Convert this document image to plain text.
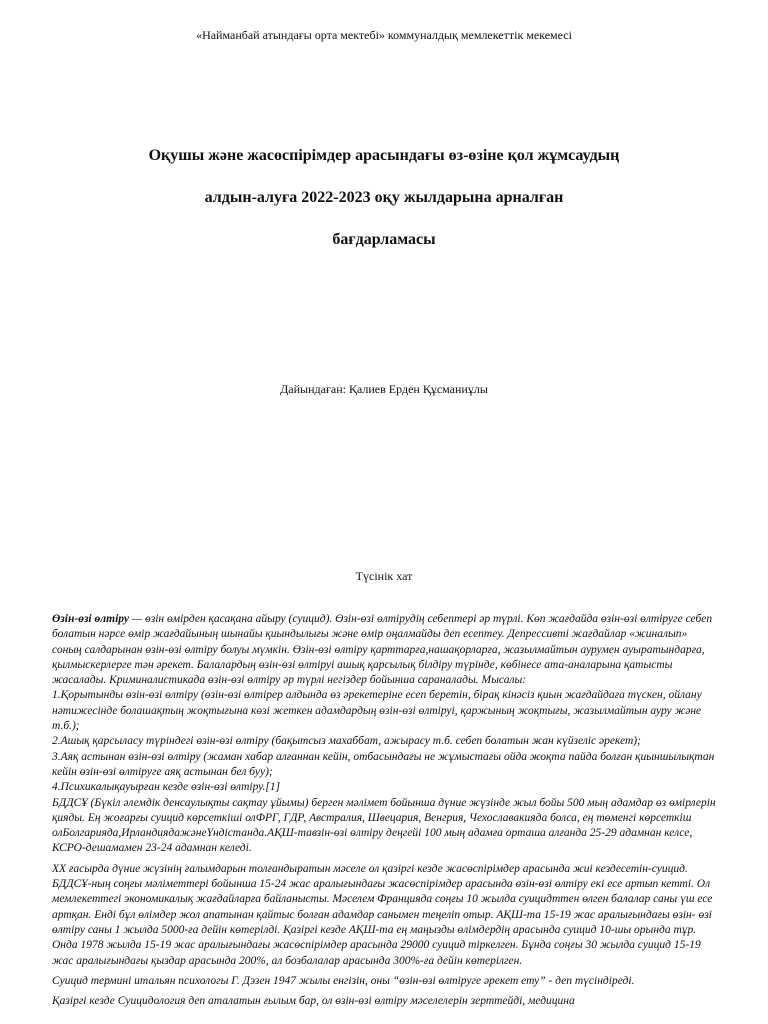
«Найманбай атындағы орта мектебі» коммуналдық мемлекеттік мекемесі
Оқушы және жасөспірімдер арасындағы өз-өзіне қол жұмсаудың
алдын-алуға 2022-2023 оқу жылдарына арналған
бағдарламасы
Дайындаған: Қалиев Ерден Құсманиұлы
Түсінік хат

Өзін-өзі өлтіру — өзін өмірден қасақана айыру (суицид). Өзін-өзі өлтірудің себептері әр түрлі. Көп жағдайда өзін-өзі өлтіруге себеп болатын нәрсе өмір жағдайының шынайы қиындылығы және өмір оңалмайды деп есептеу. Депрессивті жағдайлар «жиналып» соның салдарынан өзін-өзі өлтіру болуы мүмкін. Өзін-өзі өлтіру қарттарға,нашақорларға, жазылмайтын аурумен ауыратындарға, қылмыскерлерге тән әрекет. Балалардың өзін-өзі өлтіруі ашық қарсылық білдіру түрінде, көбінесе ата-аналарына қатысты жасалады. Криминалистикада өзін-өзі өлтіру әр түрлі негіздер бойынша сараналады. Мысалы:

1.Қорытынды өзін-өзі өлтіру (өзін-өзі өлтірер алдында өз әрекетеріне есеп беретін, бірақ кінәсіз қиын жағдайдаға түскен, ойлану нәтижесінде болашақтың жоқтығына көзі жеткен адамдардың өзін-өзі өлтіруі, қаржының жоқтығы, жазылмайтын ауру және т.б.);

2.Ашық қарсыласу түріндегі өзін-өзі өлтіру (бақытсыз махаббат, ажырасу т.б. себеп болатын жан күйзеліс әрекет);

3.Аяқ астынан өзін-өзі өлтіру (жаман хабар алғаннан кейін, отбасындағы не жұмыстағы ойда жоқта пайда болған қиыншылықтан кейін өзін-өзі өлтіруге аяқ астынан бел буу);

4.Психикалықауырған кезде өзін-өзі өлтіру.[1]

БДДСҰ (Бүкіл әлемдік денсаулықты сақтау ұйымы) берген мәлімет бойынша дүние жүзінде жыл бойы 500 мың адамдар өз өмірлерін қияды. Ең жоғарғы суицид көрсеткіші олФРГ, ГДР, Австралия, Швецария, Венгрия, Чехославакияда болса, ең төменгі көрсеткіш олБолгарияда,ИрландиядажәнеҮндістанда.АҚШ-тавзін-өзі өлтіру деңгейі 100 мың адамға орташа алғанда 25-29 адамнан келсе, КСРО-дешамамен 23-24 адамнан келеді.

XX ғасырда дүние жүзінің ғалымдарын толғандыратын мәселе ол қазіргі кезде жасөспірімдер арасында жиі кездесетін-суицид. БДДСҰ-ның соңғы мәліметтері бойынша 15-24 жас аралығындағы жасөспірімдер арасында өзін-өзі өлтіру екі есе артып кетті. Ол мемлекеттегі экономикалық жағдайларға байланысты. Мәселем Францияда соңғы 10 жылда суицидттен өлген балалар саны үш есе артқан. Енді бұл өлімдер жол апатынан қайтыс болған адамдар санымен теңеліп отыр. АҚШ-та 15-19 жас аралығындағы өзін- өзі өлтіру саны 1 жылда 5000-ға дейін көтерілді. Қазіргі кезде АҚШ-та ең маңызды өлімдердің арасында суицид 10-шы орында тұр. Онда 1978 жылда 15-19 жас аралығындағы жасөспірімдер арасында 29000 суицид тіркелген. Бұнда соңғы 30 жылда суицид 15-19 жас аралығындағы қыздар арасында 200%, ал бозбалалар арасында 300%-ға дейін көтерілген.

Суицид термині итальян психологы Г. Дэзен 1947 жылы енгізін, оны “өзін-өзі өлтіруге әрекет ету” - деп түсіндіреді.

Қазіргі кезде Суицидология деп аталатын ғылым бар, ол өзін-өзі өлтіру мәселелерін зерттейді, медицина
